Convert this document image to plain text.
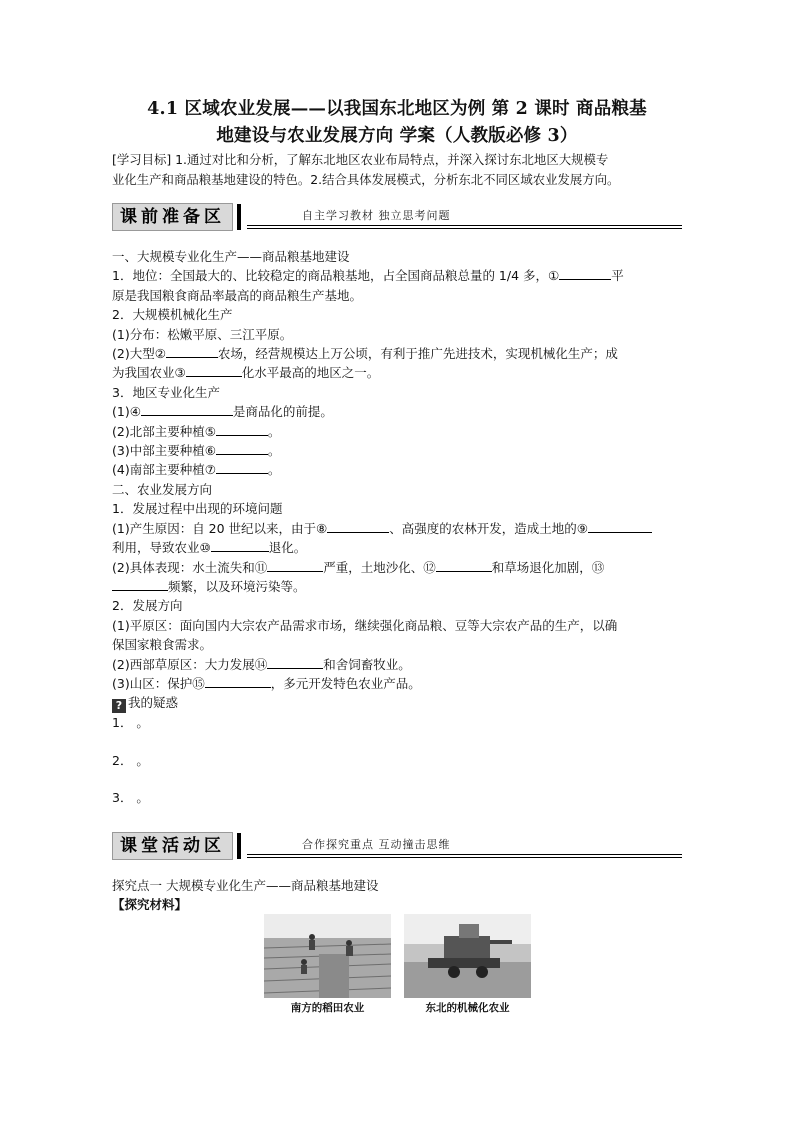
4.1 区域农业发展——以我国东北地区为例 第 2 课时 商品粮基
地建设与农业发展方向 学案（人教版必修 3）
[学习目标] 1.通过对比和分析，了解东北地区农业布局特点，并深入探讨东北地区大规模专
业化生产和商品粮基地建设的特色。2.结合具体发展模式，分析东北不同区域农业发展方向。
课前准备区	自主学习教材 独立思考问题
一、大规模专业化生产——商品粮基地建设
1．地位：全国最大的、比较稳定的商品粮基地，占全国商品粮总量的 1/4 多，①	平
原是我国粮食商品率最高的商品粮生产基地。
2．大规模机械化生产
(1)分布：松嫩平原、三江平原。
(2)大型②	农场，经营规模达上万公顷，有利于推广先进技术，实现机械化生产；成
为我国农业③	化水平最高的地区之一。
3．地区专业化生产
(1)④	是商品化的前提。
(2)北部主要种植⑤	。
(3)中部主要种植⑥	。
(4)南部主要种植⑦	。
二、农业发展方向
1．发展过程中出现的环境问题
(1)产生原因：自 20 世纪以来，由于⑧	、高强度的农林开发，造成土地的⑨
利用，导致农业⑩	退化。
(2)具体表现：水土流失和⑪	严重，土地沙化、⑫	和草场退化加剧，⑬
频繁，以及环境污染等。
2．发展方向
(1)平原区：面向国内大宗农产品需求市场，继续强化商品粮、豆等大宗农产品的生产，以确
保国家粮食需求。
(2)西部草原区：大力发展⑭	和舍饲畜牧业。
(3)山区：保护⑮	，多元开发特色农业产品。
? 我的疑惑
1． 。
2． 。
3． 。
课堂活动区	合作探究重点 互动撞击思维
探究点一 大规模专业化生产——商品粮基地建设
【探究材料】
南方的稻田农业	东北的机械化农业
